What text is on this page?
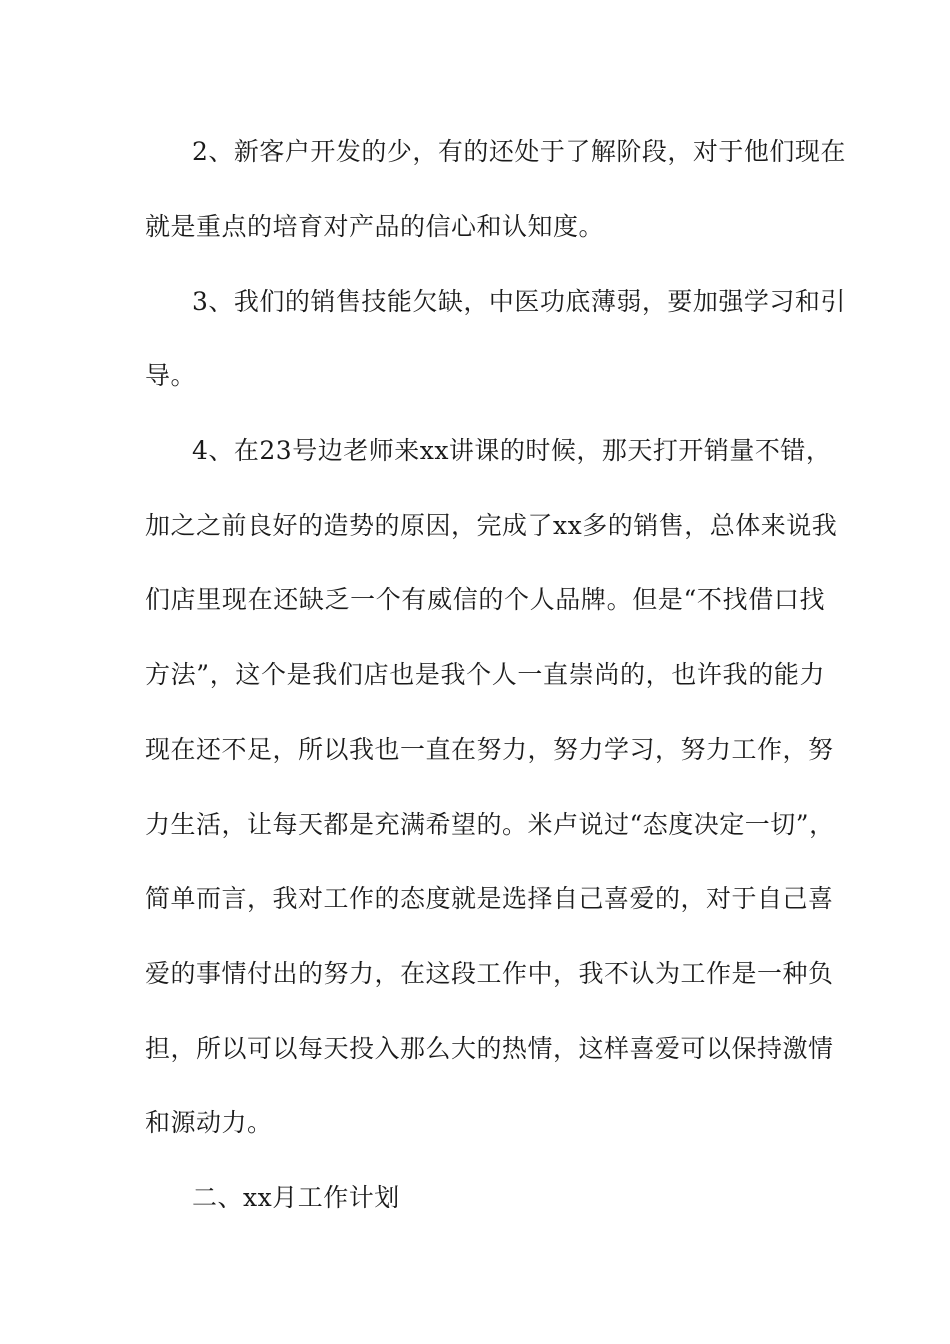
2、新客户开发的少，有的还处于了解阶段，对于他们现在
就是重点的培育对产品的信心和认知度。
3、我们的销售技能欠缺，中医功底薄弱，要加强学习和引
导。
4、在23号边老师来xx讲课的时候，那天打开销量不错，
加之之前良好的造势的原因，完成了xx多的销售，总体来说我
们店里现在还缺乏一个有威信的个人品牌。但是“不找借口找
方法”，这个是我们店也是我个人一直崇尚的，也许我的能力
现在还不足，所以我也一直在努力，努力学习，努力工作，努
力生活，让每天都是充满希望的。米卢说过“态度决定一切”，
简单而言，我对工作的态度就是选择自己喜爱的，对于自己喜
爱的事情付出的努力，在这段工作中，我不认为工作是一种负
担，所以可以每天投入那么大的热情，这样喜爱可以保持激情
和源动力。
二、xx月工作计划
